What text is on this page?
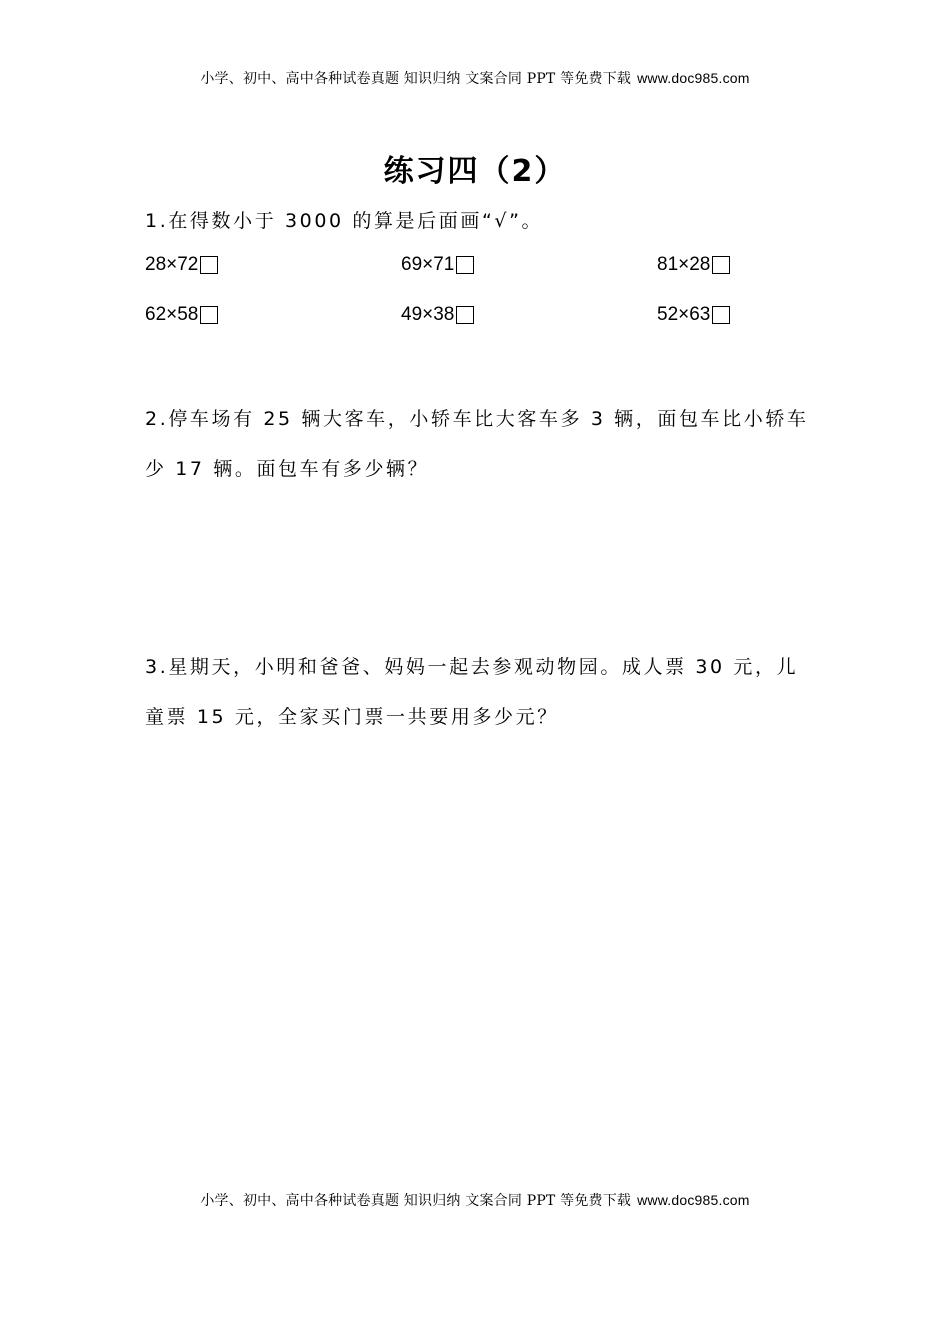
小学、初中、高中各种试卷真题 知识归纳 文案合同 PPT 等免费下载 www.doc985.com
练习四（2）
1.在得数小于 3000 的算是后面画“√”。
28×72	69×71	81×28
62×58	49×38	52×63
2.停车场有 25 辆大客车，小轿车比大客车多 3 辆，面包车比小轿车少 17 辆。面包车有多少辆？
3.星期天，小明和爸爸、妈妈一起去参观动物园。成人票 30 元，儿童票 15 元，全家买门票一共要用多少元？
小学、初中、高中各种试卷真题 知识归纳 文案合同 PPT 等免费下载 www.doc985.com
